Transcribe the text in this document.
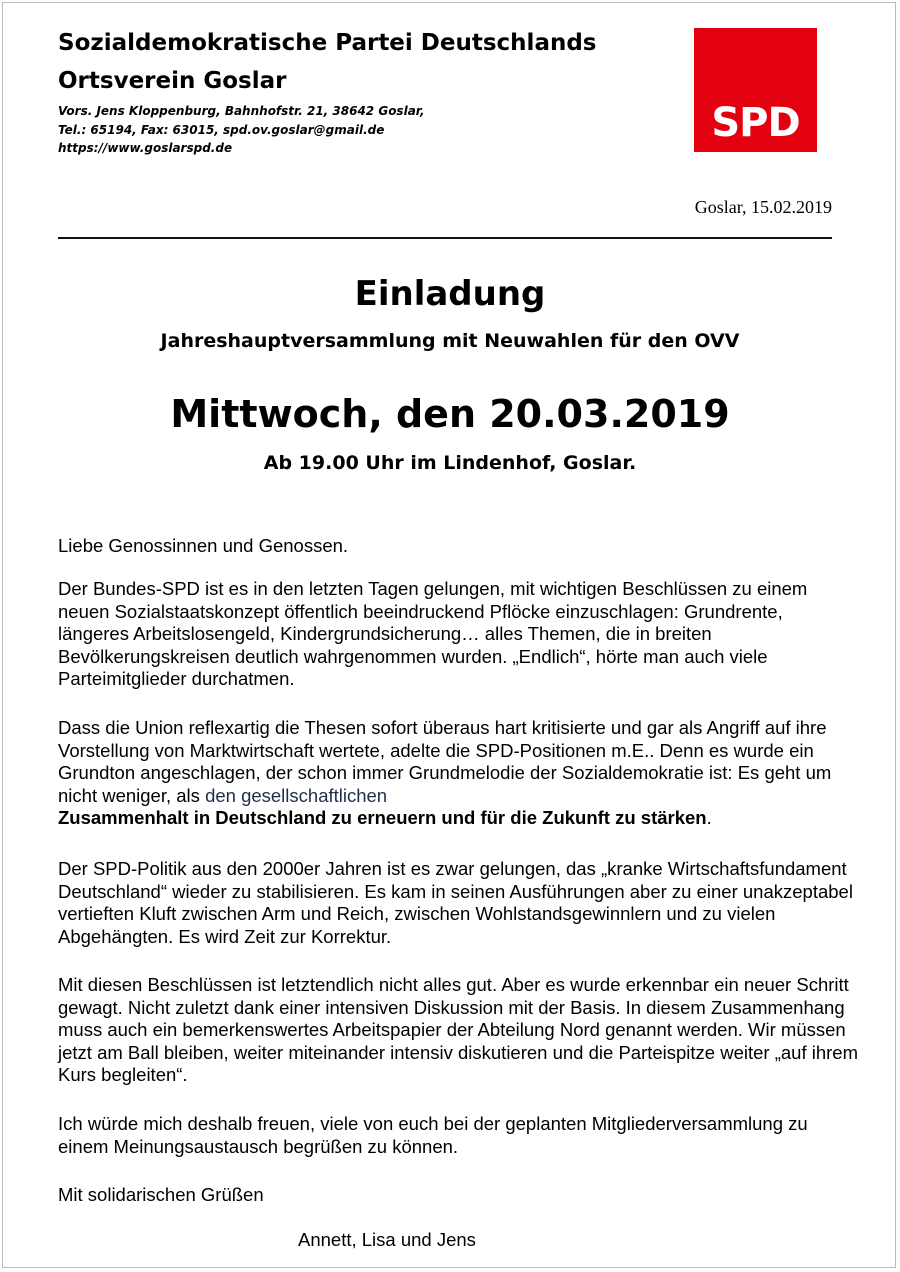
Sozialdemokratische Partei Deutschlands
Ortsverein Goslar
Vors. Jens Kloppenburg, Bahnhofstr. 21, 38642 Goslar,
Tel.: 65194, Fax: 63015, spd.ov.goslar@gmail.de
https://www.goslarspd.de
SPD
Goslar, 15.02.2019
Einladung
Jahreshauptversammlung mit Neuwahlen für den OVV
Mittwoch, den 20.03.2019
Ab 19.00 Uhr im Lindenhof, Goslar.
Liebe Genossinnen und Genossen.
Der Bundes-SPD ist es in den letzten Tagen gelungen, mit wichtigen Beschlüssen zu einem neuen Sozialstaatskonzept öffentlich beeindruckend Pflöcke einzuschlagen: Grundrente, längeres Arbeitslosengeld, Kindergrundsicherung… alles Themen, die in breiten Bevölkerungskreisen deutlich wahrgenommen wurden. „Endlich“, hörte man auch viele Parteimitglieder durchatmen.
Dass die Union reflexartig die Thesen sofort überaus hart kritisierte und gar als Angriff auf ihre Vorstellung von Marktwirtschaft wertete, adelte die SPD-Positionen m.E.. Denn es wurde ein Grundton angeschlagen, der schon immer Grundmelodie der Sozialdemokratie ist: Es geht um nicht weniger, als den gesellschaftlichen
Zusammenhalt in Deutschland zu erneuern und für die Zukunft zu stärken.
Der SPD-Politik aus den 2000er Jahren ist es zwar gelungen, das „kranke Wirtschaftsfundament Deutschland“ wieder zu stabilisieren. Es kam in seinen Ausführungen aber zu einer unakzeptabel vertieften Kluft zwischen Arm und Reich, zwischen Wohlstandsgewinnlern und zu vielen Abgehängten. Es wird Zeit zur Korrektur.
Mit diesen Beschlüssen ist letztendlich nicht alles gut. Aber es wurde erkennbar ein neuer Schritt gewagt. Nicht zuletzt dank einer intensiven Diskussion mit der Basis. In diesem Zusammenhang muss auch ein bemerkenswertes Arbeitspapier der Abteilung Nord genannt werden. Wir müssen jetzt am Ball bleiben, weiter miteinander intensiv diskutieren und die Parteispitze weiter „auf ihrem Kurs begleiten“.
Ich würde mich deshalb freuen, viele von euch bei der geplanten Mitgliederversammlung zu einem Meinungsaustausch begrüßen zu können.
Mit solidarischen Grüßen
Annett, Lisa und Jens
